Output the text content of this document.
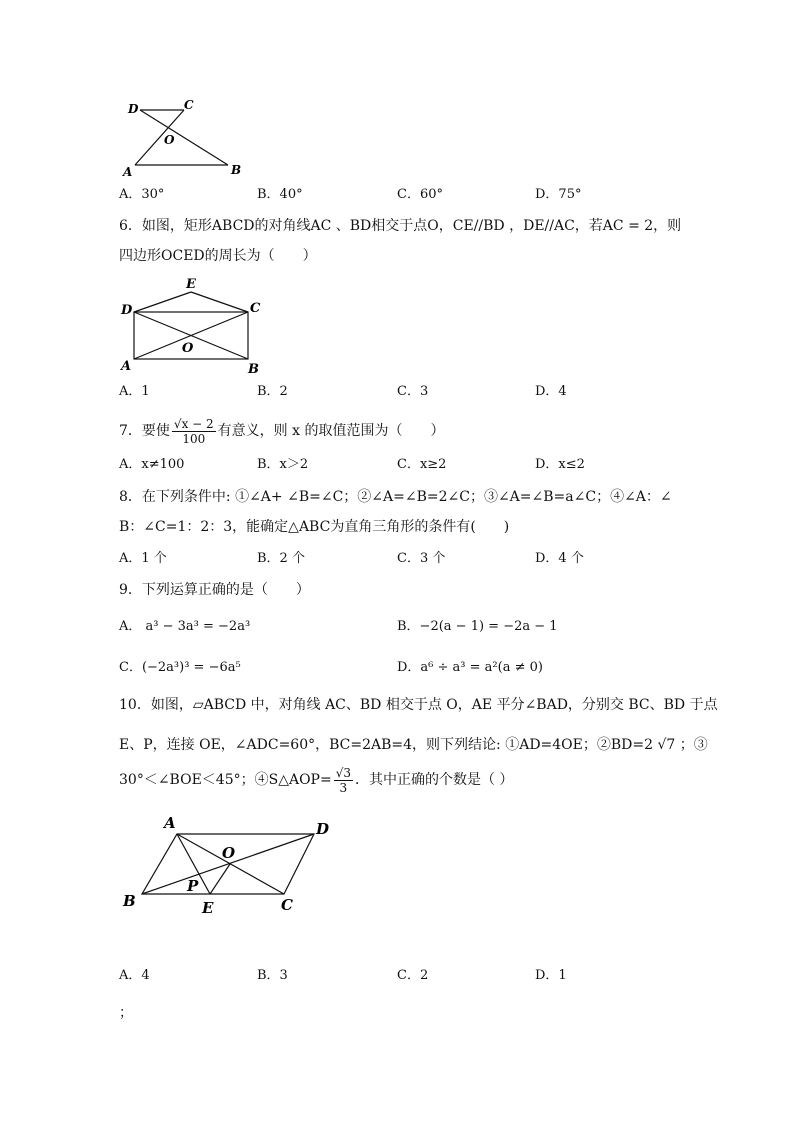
D	C
O
A	B
A．30°	B．40°	C．60°	D．75°
6．如图，矩形ABCD的对角线AC 、BD相交于点O，CE//BD ，DE//AC，若AC = 2，则
四边形OCED的周长为（　　）
E
D	C
O
A	B
A．1	B．2	C．3	D．4
7．要使 $\frac{√x - 2}{100}$ 有意义，则 x 的取值范围为（　　）
A．x≠100	B．x＞2	C．x≥2	D．x≤2
8．在下列条件中: ①∠A+ ∠B=∠C；②∠A=∠B=2∠C；③∠A=∠B=a∠C；④∠A：∠
B：∠C=1：2：3，能确定△ABC为直角三角形的条件有(　　)
A．1 个	B．2 个	C．3 个	D．4 个
9．下列运算正确的是（　　）
A． a³ − 3a³ = −2a³	B．−2(a − 1) = −2a − 1
C．(−2a³)³ = −6a⁵	D．a⁶ ÷ a³ = a²(a ≠ 0)
10．如图，▱ABCD 中，对角线 AC、BD 相交于点 O，AE 平分∠BAD，分别交 BC、BD 于点
E、P，连接 OE，∠ADC=60°，BC=2AB=4，则下列结论: ①AD=4OE；②BD=2 √7 ；③
30°＜∠BOE＜45°；④S△AOP= $\frac{√3}{3}$ ．其中正确的个数是（ ）
A	D
O
P
B	E	C
A．4	B．3	C．2	D．1
；
